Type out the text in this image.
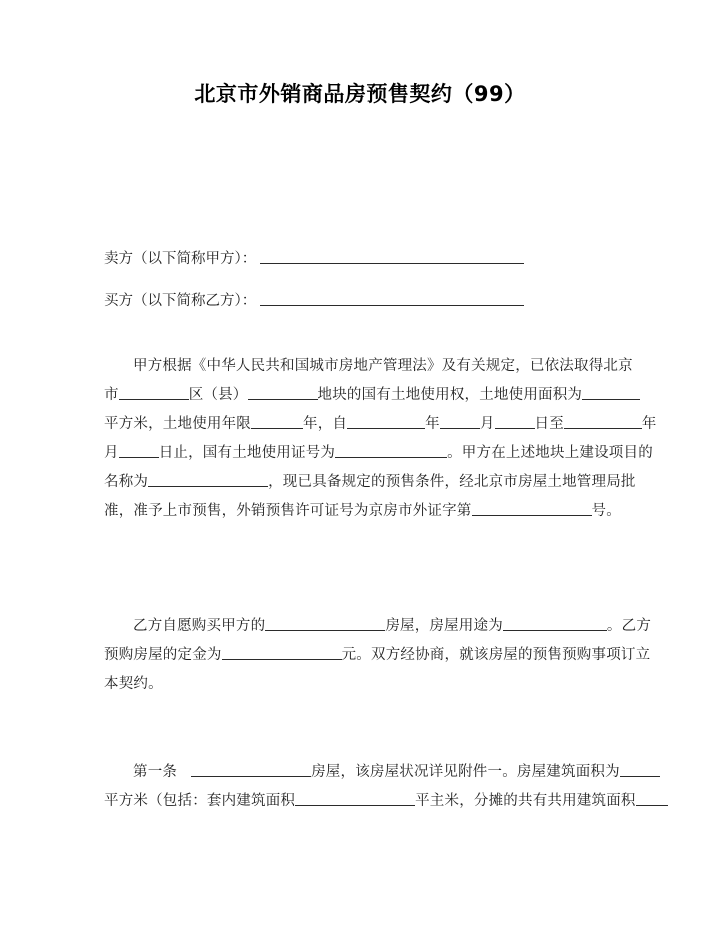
北京市外销商品房预售契约（99）
卖方（以下简称甲方）：
买方（以下简称乙方）：
甲方根据《中华人民共和国城市房地产管理法》及有关规定，已依法取得北京
市	区（县）	地块的国有土地使用权，土地使用面积为
平方米，土地使用年限	年，自	年	月	日至	年
月	日止，国有土地使用证号为	。甲方在上述地块上建设项目的
名称为	，现已具备规定的预售条件，经北京市房屋土地管理局批
准，准予上市预售，外销预售许可证号为京房市外证字第	号。
乙方自愿购买甲方的	房屋，房屋用途为	。乙方
预购房屋的定金为	元。双方经协商，就该房屋的预售预购事项订立
本契约。
第一条	房屋，该房屋状况详见附件一。房屋建筑面积为
平方米（包括：套内建筑面积	平主米，分摊的共有共用建筑面积
